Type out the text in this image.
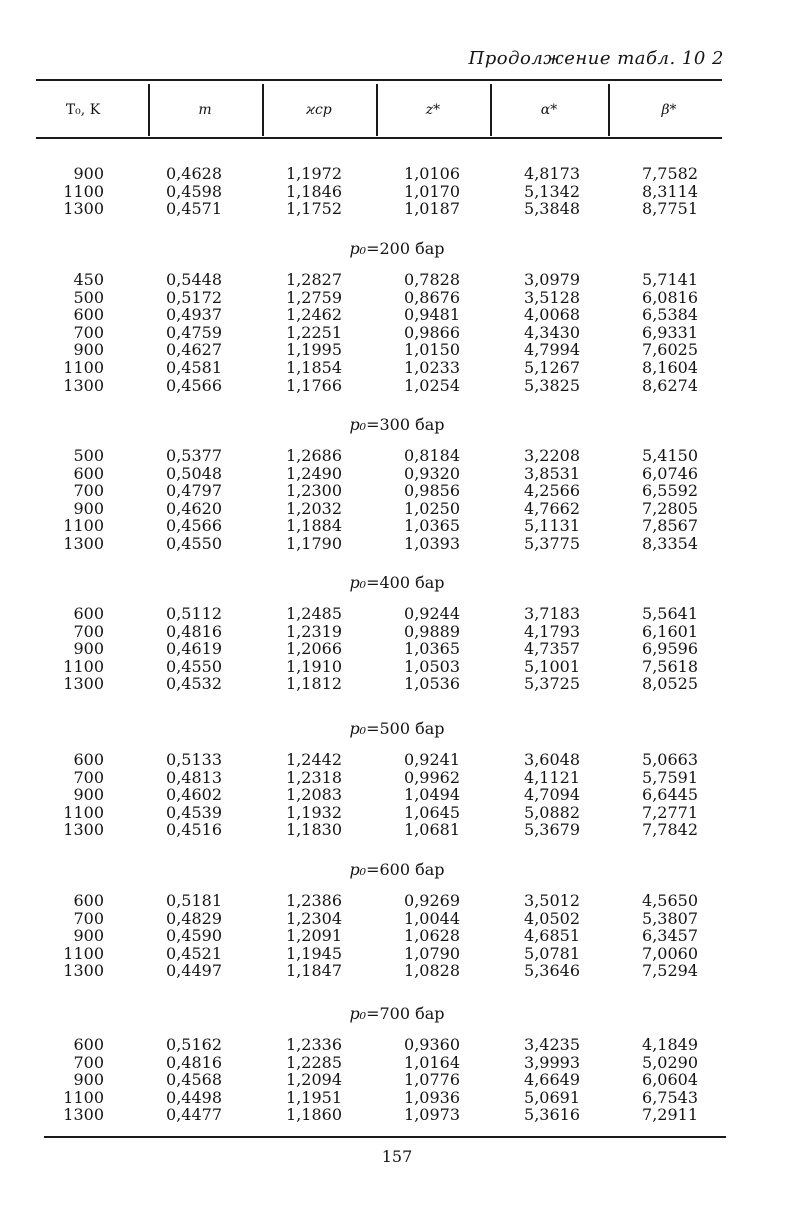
Продолжение табл. 10 2
T₀, K	m	ϰср	z*	α*	β*
900	0,4628	1,1972	1,0106	4,8173	7,7582
1100	0,4598	1,1846	1,0170	5,1342	8,3114
1300	0,4571	1,1752	1,0187	5,3848	8,7751
p₀=200 бар
450	0,5448	1,2827	0,7828	3,0979	5,7141
500	0,5172	1,2759	0,8676	3,5128	6,0816
600	0,4937	1,2462	0,9481	4,0068	6,5384
700	0,4759	1,2251	0,9866	4,3430	6,9331
900	0,4627	1,1995	1,0150	4,7994	7,6025
1100	0,4581	1,1854	1,0233	5,1267	8,1604
1300	0,4566	1,1766	1,0254	5,3825	8,6274
p₀=300 бар
500	0,5377	1,2686	0,8184	3,2208	5,4150
600	0,5048	1,2490	0,9320	3,8531	6,0746
700	0,4797	1,2300	0,9856	4,2566	6,5592
900	0,4620	1,2032	1,0250	4,7662	7,2805
1100	0,4566	1,1884	1,0365	5,1131	7,8567
1300	0,4550	1,1790	1,0393	5,3775	8,3354
p₀=400 бар
600	0,5112	1,2485	0,9244	3,7183	5,5641
700	0,4816	1,2319	0,9889	4,1793	6,1601
900	0,4619	1,2066	1,0365	4,7357	6,9596
1100	0,4550	1,1910	1,0503	5,1001	7,5618
1300	0,4532	1,1812	1,0536	5,3725	8,0525
p₀=500 бар
600	0,5133	1,2442	0,9241	3,6048	5,0663
700	0,4813	1,2318	0,9962	4,1121	5,7591
900	0,4602	1,2083	1,0494	4,7094	6,6445
1100	0,4539	1,1932	1,0645	5,0882	7,2771
1300	0,4516	1,1830	1,0681	5,3679	7,7842
p₀=600 бар
600	0,5181	1,2386	0,9269	3,5012	4,5650
700	0,4829	1,2304	1,0044	4,0502	5,3807
900	0,4590	1,2091	1,0628	4,6851	6,3457
1100	0,4521	1,1945	1,0790	5,0781	7,0060
1300	0,4497	1,1847	1,0828	5,3646	7,5294
p₀=700 бар
600	0,5162	1,2336	0,9360	3,4235	4,1849
700	0,4816	1,2285	1,0164	3,9993	5,0290
900	0,4568	1,2094	1,0776	4,6649	6,0604
1100	0,4498	1,1951	1,0936	5,0691	6,7543
1300	0,4477	1,1860	1,0973	5,3616	7,2911
157
